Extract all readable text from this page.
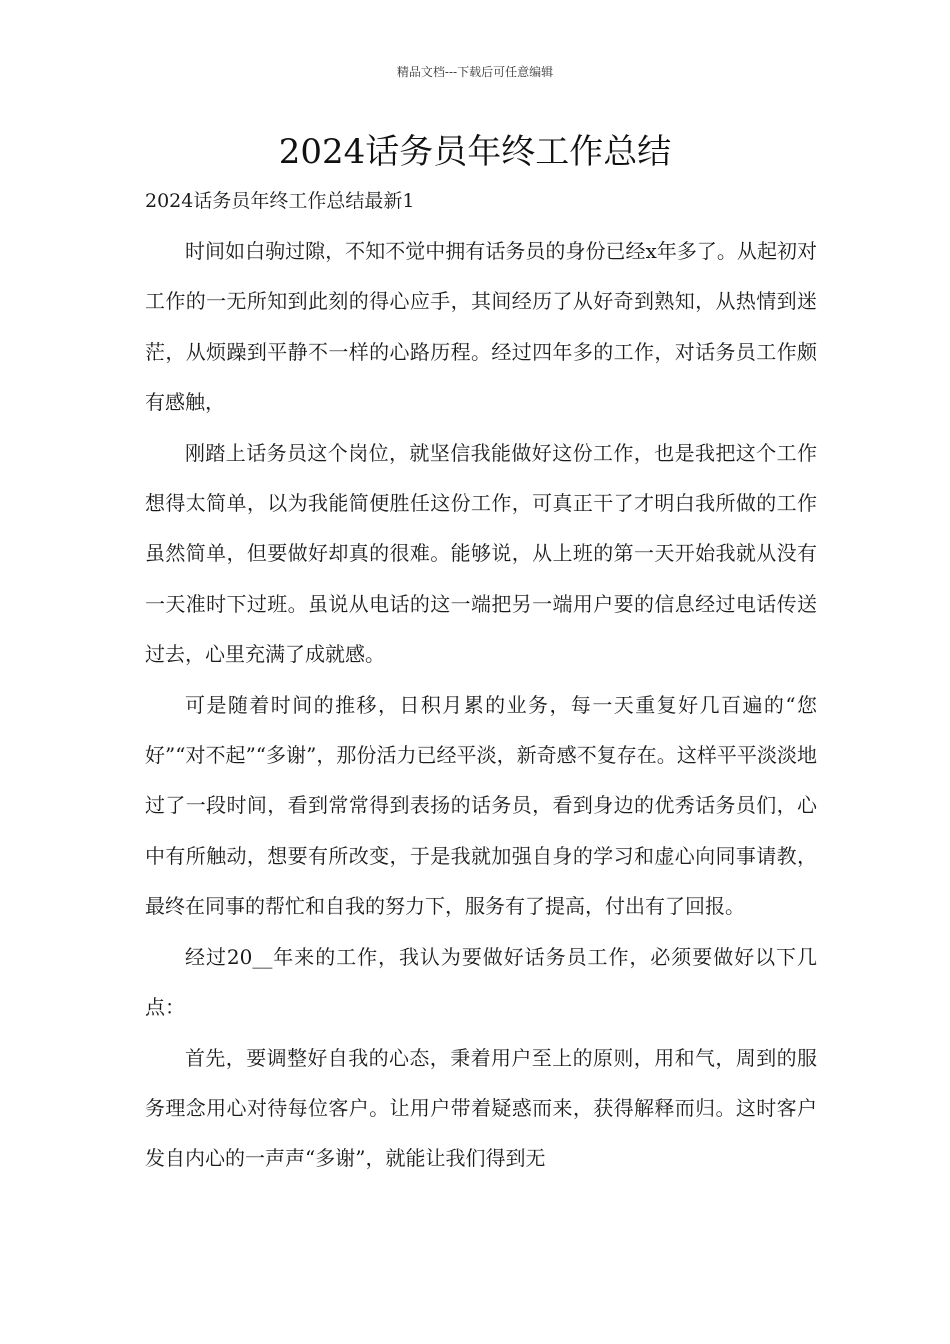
精品文档---下载后可任意编辑
2024话务员年终工作总结

2024话务员年终工作总结最新1

时间如白驹过隙，不知不觉中拥有话务员的身份已经x年多了。从起初对工作的一无所知到此刻的得心应手，其间经历了从好奇到熟知，从热情到迷茫，从烦躁到平静不一样的心路历程。经过四年多的工作，对话务员工作颇有感触，

刚踏上话务员这个岗位，就坚信我能做好这份工作，也是我把这个工作想得太简单，以为我能简便胜任这份工作，可真正干了才明白我所做的工作虽然简单，但要做好却真的很难。能够说，从上班的第一天开始我就从没有一天准时下过班。虽说从电话的这一端把另一端用户要的信息经过电话传送过去，心里充满了成就感。

可是随着时间的推移，日积月累的业务，每一天重复好几百遍的“您好”“对不起”“多谢”，那份活力已经平淡，新奇感不复存在。这样平平淡淡地过了一段时间，看到常常得到表扬的话务员，看到身边的优秀话务员们，心中有所触动，想要有所改变，于是我就加强自身的学习和虚心向同事请教，最终在同事的帮忙和自我的努力下，服务有了提高，付出有了回报。

经过20__年来的工作，我认为要做好话务员工作，必须要做好以下几点：

首先，要调整好自我的心态，秉着用户至上的原则，用和气，周到的服务理念用心对待每位客户。让用户带着疑惑而来，获得解释而归。这时客户发自内心的一声声“多谢”，就能让我们得到无
